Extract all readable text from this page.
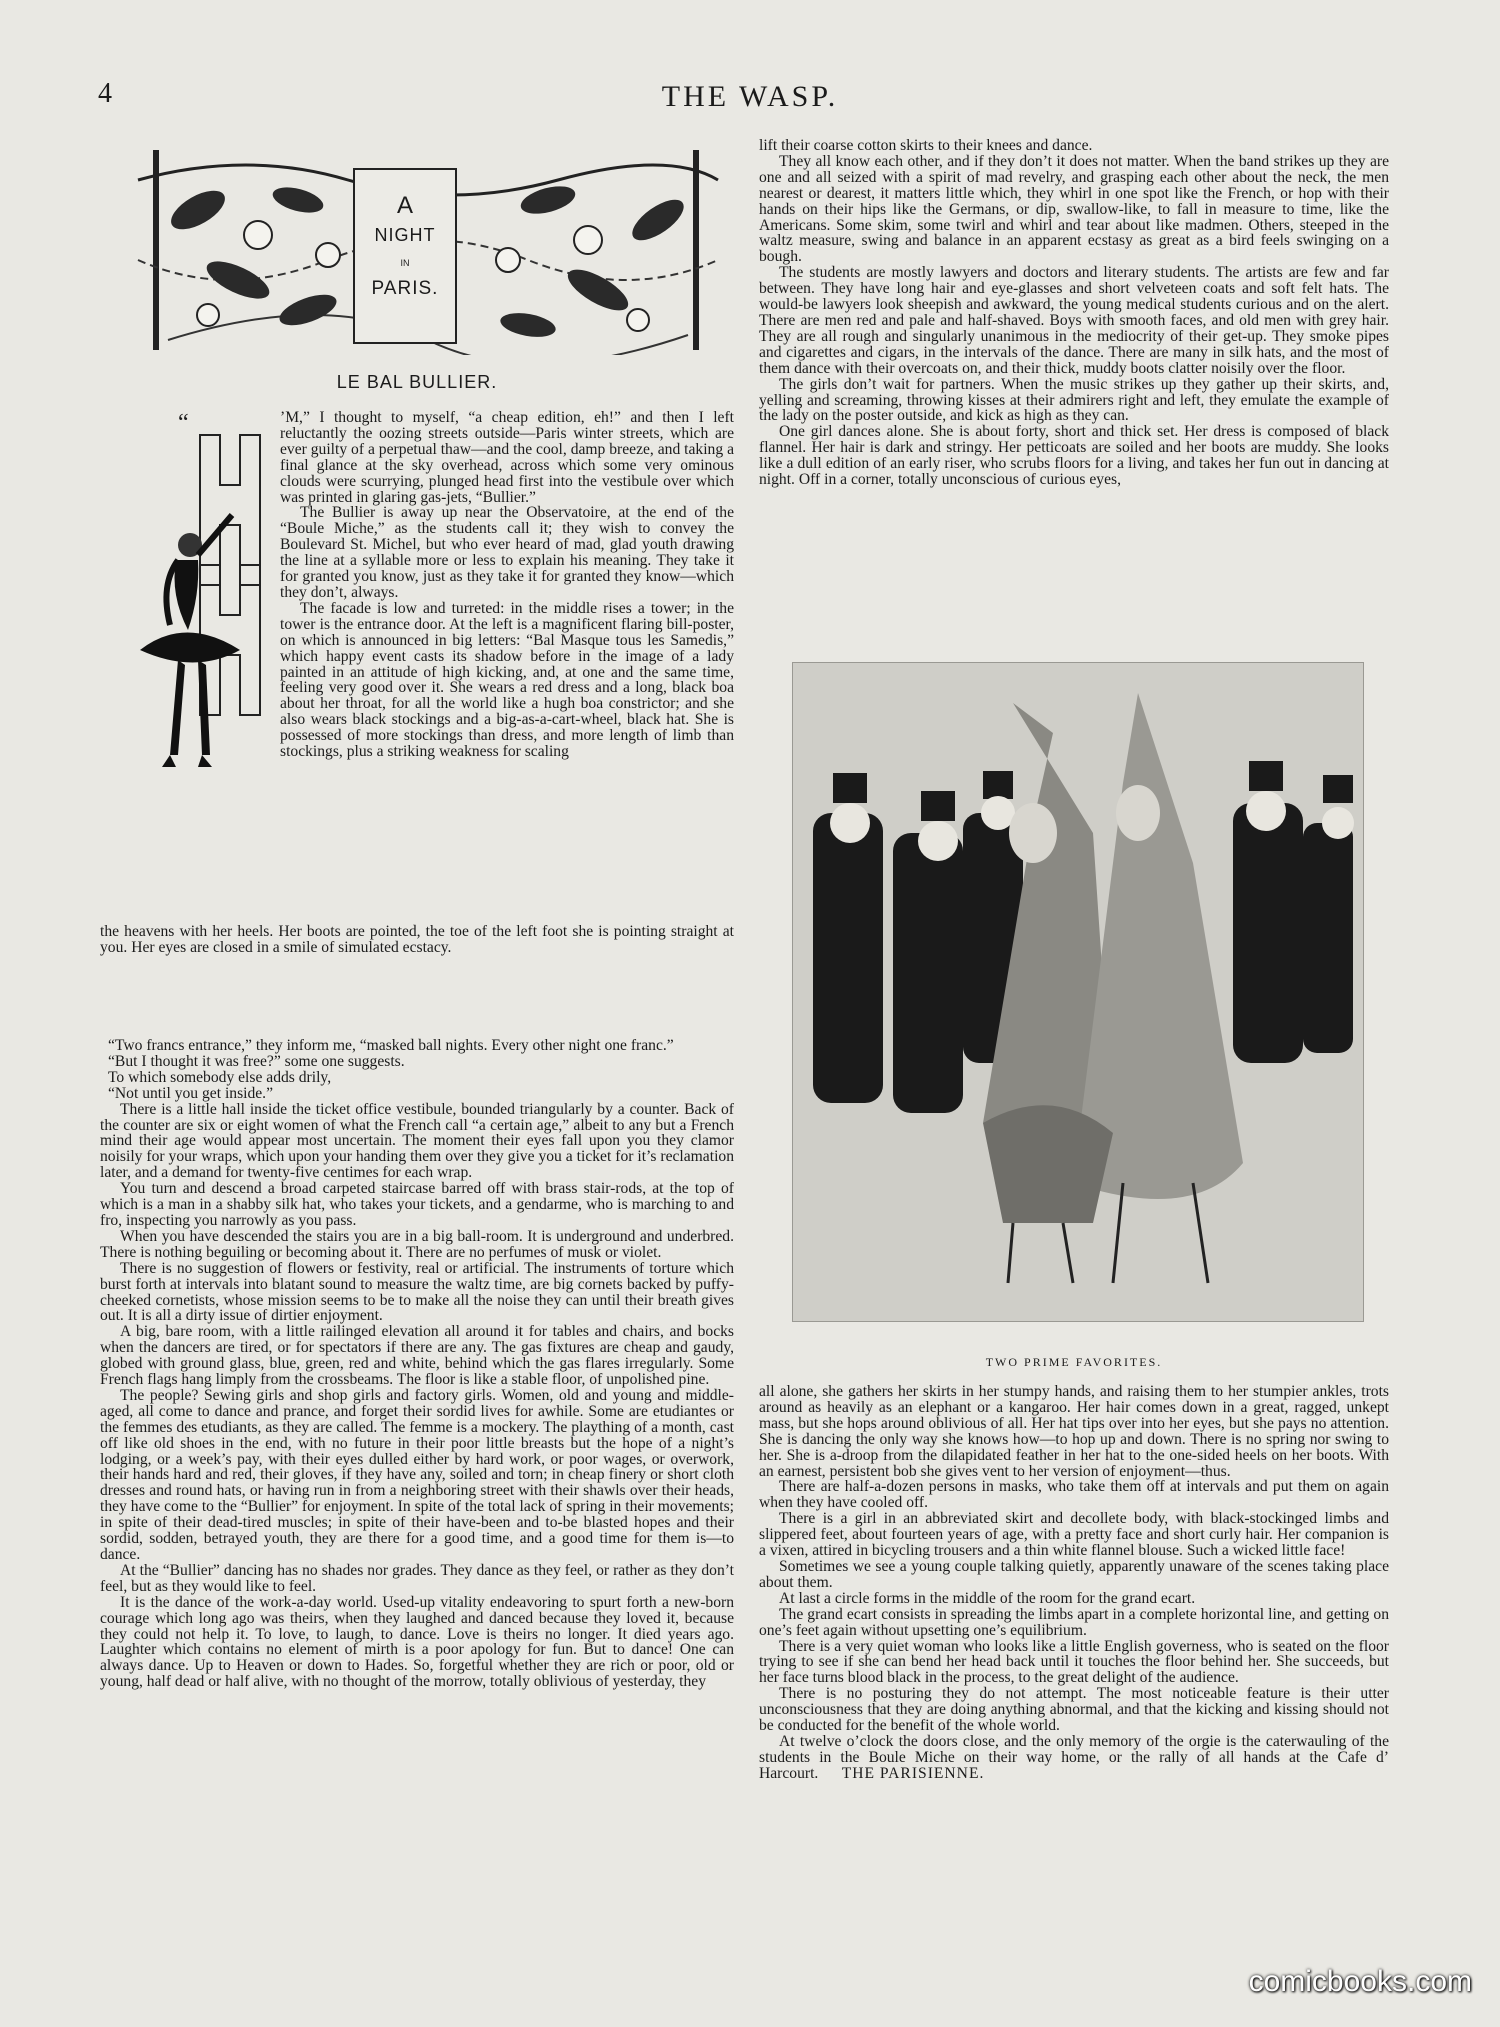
4	THE WASP.
A
NIGHT
IN
PARIS.
LE BAL BULLIER.
“	’M,” I thought to myself, “a cheap edition, eh!” and then I left reluctantly the oozing streets outside—Paris winter streets, which are ever guilty of a perpetual thaw—and the cool, damp breeze, and taking a final glance at the sky overhead, across which some very ominous clouds were scurrying, plunged head first into the vestibule over which was printed in glaring gas-jets, “Bullier.”

The Bullier is away up near the Observatoire, at the end of the “Boule Miche,” as the students call it; they wish to convey the Boulevard St. Michel, but who ever heard of mad, glad youth drawing the line at a syllable more or less to explain his meaning. They take it for granted you know, just as they take it for granted they know—which they don’t, always.

The facade is low and turreted: in the middle rises a tower; in the tower is the entrance door. At the left is a magnificent flaring bill-poster, on which is announced in big letters: “Bal Masque tous les Samedis,” which happy event casts its shadow before in the image of a lady painted in an attitude of high kicking, and, at one and the same time, feeling very good over it. She wears a red dress and a long, black boa about her throat, for all the world like a hugh boa constrictor; and she also wears black stockings and a big-as-a-cart-wheel, black hat. She is possessed of more stockings than dress, and more length of limb than stockings, plus a striking weakness for scaling

the heavens with her heels. Her boots are pointed, the toe of the left foot she is pointing straight at you. Her eyes are closed in a smile of simulated ecstacy.

“Two francs entrance,” they inform me, “masked ball nights. Every other night one franc.”

“But I thought it was free?” some one suggests.

To which somebody else adds drily,

“Not until you get inside.”

There is a little hall inside the ticket office vestibule, bounded triangularly by a counter. Back of the counter are six or eight women of what the French call “a certain age,” albeit to any but a French mind their age would appear most uncertain. The moment their eyes fall upon you they clamor noisily for your wraps, which upon your handing them over they give you a ticket for it’s reclamation later, and a demand for twenty-five centimes for each wrap.

You turn and descend a broad carpeted staircase barred off with brass stair-rods, at the top of which is a man in a shabby silk hat, who takes your tickets, and a gendarme, who is marching to and fro, inspecting you narrowly as you pass.

When you have descended the stairs you are in a big ball-room. It is underground and underbred. There is nothing beguiling or becoming about it. There are no perfumes of musk or violet.

There is no suggestion of flowers or festivity, real or artificial. The instruments of torture which burst forth at intervals into blatant sound to measure the waltz time, are big cornets backed by puffy-cheeked cornetists, whose mission seems to be to make all the noise they can until their breath gives out. It is all a dirty issue of dirtier enjoyment.

A big, bare room, with a little railinged elevation all around it for tables and chairs, and bocks when the dancers are tired, or for spectators if there are any. The gas fixtures are cheap and gaudy, globed with ground glass, blue, green, red and white, behind which the gas flares irregularly. Some French flags hang limply from the crossbeams. The floor is like a stable floor, of unpolished pine.

The people? Sewing girls and shop girls and factory girls. Women, old and young and middle-aged, all come to dance and prance, and forget their sordid lives for awhile. Some are etudiantes or the femmes des etudiants, as they are called. The femme is a mockery. The plaything of a month, cast off like old shoes in the end, with no future in their poor little breasts but the hope of a night’s lodging, or a week’s pay, with their eyes dulled either by hard work, or poor wages, or overwork, their hands hard and red, their gloves, if they have any, soiled and torn; in cheap finery or short cloth dresses and round hats, or having run in from a neighboring street with their shawls over their heads, they have come to the “Bullier” for enjoyment. In spite of the total lack of spring in their movements; in spite of their dead-tired muscles; in spite of their have-been and to-be blasted hopes and their sordid, sodden, betrayed youth, they are there for a good time, and a good time for them is—to dance.

At the “Bullier” dancing has no shades nor grades. They dance as they feel, or rather as they don’t feel, but as they would like to feel.

It is the dance of the work-a-day world. Used-up vitality endeavoring to spurt forth a new-born courage which long ago was theirs, when they laughed and danced because they loved it, because they could not help it. To love, to laugh, to dance. Love is theirs no longer. It died years ago. Laughter which contains no element of mirth is a poor apology for fun. But to dance! One can always dance. Up to Heaven or down to Hades. So, forgetful whether they are rich or poor, old or young, half dead or half alive, with no thought of the morrow, totally oblivious of yesterday, they

lift their coarse cotton skirts to their knees and dance.

They all know each other, and if they don’t it does not matter. When the band strikes up they are one and all seized with a spirit of mad revelry, and grasping each other about the neck, the men nearest or dearest, it matters little which, they whirl in one spot like the French, or hop with their hands on their hips like the Germans, or dip, swallow-like, to fall in measure to time, like the Americans. Some skim, some twirl and whirl and tear about like madmen. Others, steeped in the waltz measure, swing and balance in an apparent ecstasy as great as a bird feels swinging on a bough.

The students are mostly lawyers and doctors and literary students. The artists are few and far between. They have long hair and eye-glasses and short velveteen coats and soft felt hats. The would-be lawyers look sheepish and awkward, the young medical students curious and on the alert. There are men red and pale and half-shaved. Boys with smooth faces, and old men with grey hair. They are all rough and singularly unanimous in the mediocrity of their get-up. They smoke pipes and cigarettes and cigars, in the intervals of the dance. There are many in silk hats, and the most of them dance with their overcoats on, and their thick, muddy boots clatter noisily over the floor.

The girls don’t wait for partners. When the music strikes up they gather up their skirts, and, yelling and screaming, throwing kisses at their admirers right and left, they emulate the example of the lady on the poster outside, and kick as high as they can.

One girl dances alone. She is about forty, short and thick set. Her dress is composed of black flannel. Her hair is dark and stringy. Her petticoats are soiled and her boots are muddy. She looks like a dull edition of an early riser, who scrubs floors for a living, and takes her fun out in dancing at night. Off in a corner, totally unconscious of curious eyes,

TWO PRIME FAVORITES.

all alone, she gathers her skirts in her stumpy hands, and raising them to her stumpier ankles, trots around as heavily as an elephant or a kangaroo. Her hair comes down in a great, ragged, unkept mass, but she hops around oblivious of all. Her hat tips over into her eyes, but she pays no attention. She is dancing the only way she knows how—to hop up and down. There is no spring nor swing to her. She is a-droop from the dilapidated feather in her hat to the one-sided heels on her boots. With an earnest, persistent bob she gives vent to her version of enjoyment—thus.

There are half-a-dozen persons in masks, who take them off at intervals and put them on again when they have cooled off.

There is a girl in an abbreviated skirt and decollete body, with black-stockinged limbs and slippered feet, about fourteen years of age, with a pretty face and short curly hair. Her companion is a vixen, attired in bicycling trousers and a thin white flannel blouse. Such a wicked little face!

Sometimes we see a young couple talking quietly, apparently unaware of the scenes taking place about them.

At last a circle forms in the middle of the room for the grand ecart.

The grand ecart consists in spreading the limbs apart in a complete horizontal line, and getting on one’s feet again without upsetting one’s equilibrium.

There is a very quiet woman who looks like a little English governess, who is seated on the floor trying to see if she can bend her head back until it touches the floor behind her. She succeeds, but her face turns blood black in the process, to the great delight of the audience.

There is no posturing they do not attempt. The most noticeable feature is their utter unconsciousness that they are doing anything abnormal, and that the kicking and kissing should not be conducted for the benefit of the whole world.

At twelve o’clock the doors close, and the only memory of the orgie is the caterwauling of the students in the Boule Miche on their way home, or the rally of all hands at the Cafe d’ Harcourt. THE PARISIENNE.

comicbooks.com
